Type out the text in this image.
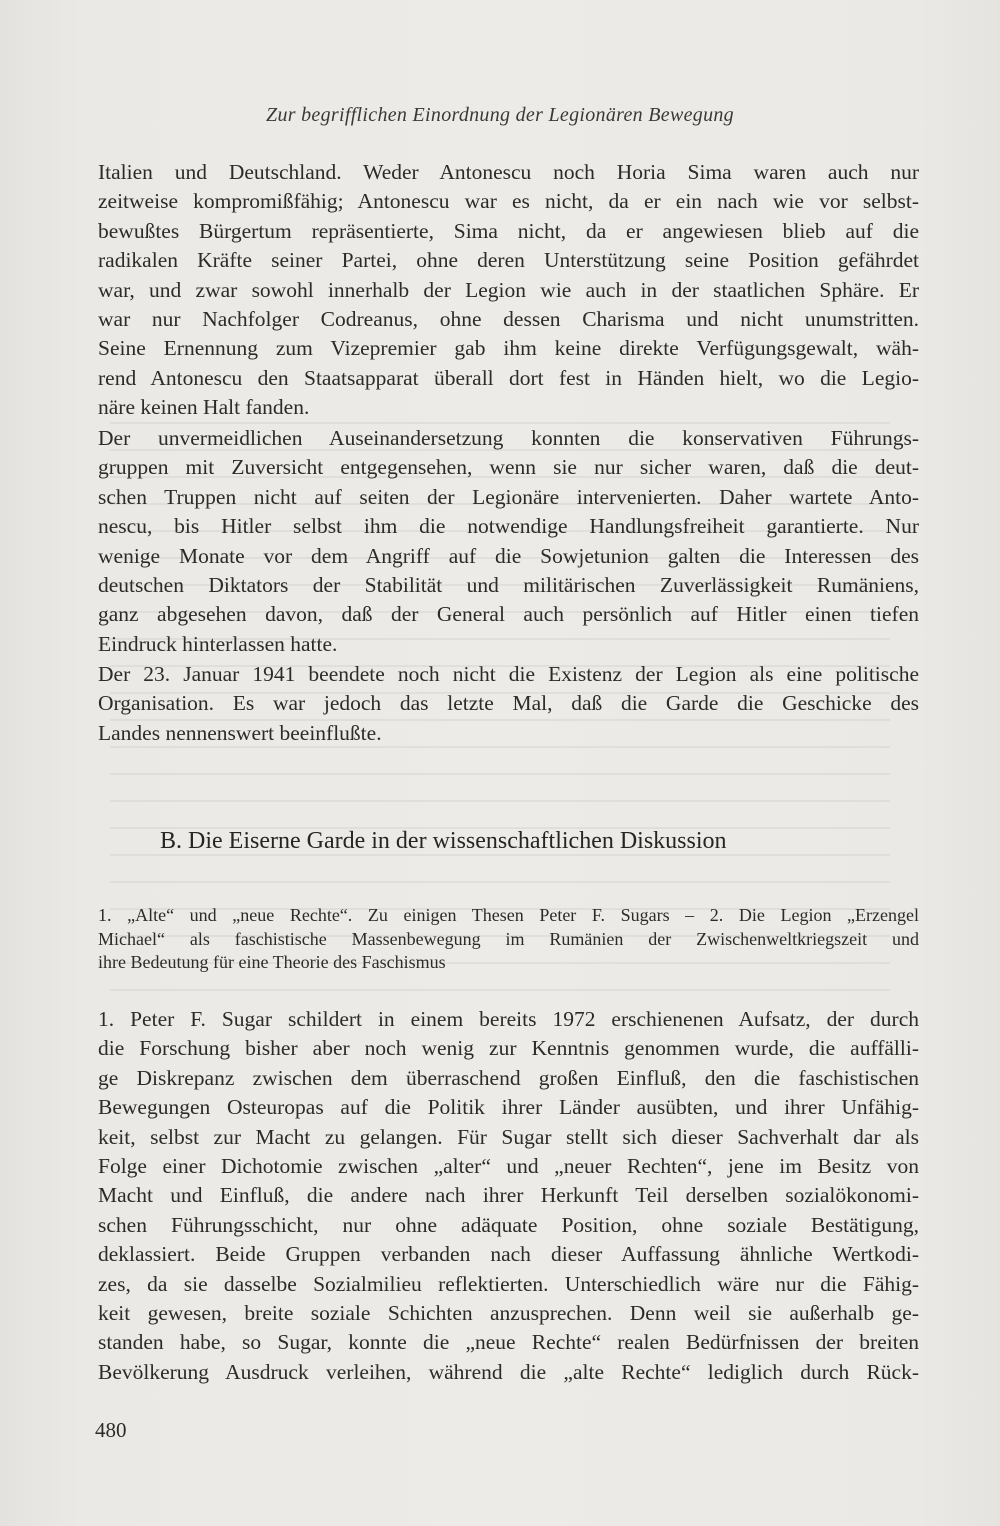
Zur begrifflichen Einordnung der Legionären Bewegung
Italien und Deutschland. Weder Antonescu noch Horia Sima waren auch nur
zeitweise kompromißfähig; Antonescu war es nicht, da er ein nach wie vor selbst-
bewußtes Bürgertum repräsentierte, Sima nicht, da er angewiesen blieb auf die
radikalen Kräfte seiner Partei, ohne deren Unterstützung seine Position gefährdet
war, und zwar sowohl innerhalb der Legion wie auch in der staatlichen Sphäre. Er
war nur Nachfolger Codreanus, ohne dessen Charisma und nicht unumstritten.
Seine Ernennung zum Vizepremier gab ihm keine direkte Verfügungsgewalt, wäh-
rend Antonescu den Staatsapparat überall dort fest in Händen hielt, wo die Legio-
näre keinen Halt fanden.
Der unvermeidlichen Auseinandersetzung konnten die konservativen Führungs-
gruppen mit Zuversicht entgegensehen, wenn sie nur sicher waren, daß die deut-
schen Truppen nicht auf seiten der Legionäre intervenierten. Daher wartete Anto-
nescu, bis Hitler selbst ihm die notwendige Handlungsfreiheit garantierte. Nur
wenige Monate vor dem Angriff auf die Sowjetunion galten die Interessen des
deutschen Diktators der Stabilität und militärischen Zuverlässigkeit Rumäniens,
ganz abgesehen davon, daß der General auch persönlich auf Hitler einen tiefen
Eindruck hinterlassen hatte.
Der 23. Januar 1941 beendete noch nicht die Existenz der Legion als eine politische
Organisation. Es war jedoch das letzte Mal, daß die Garde die Geschicke des
Landes nennenswert beeinflußte.
B. Die Eiserne Garde in der wissenschaftlichen Diskussion
1. „Alte“ und „neue Rechte“. Zu einigen Thesen Peter F. Sugars – 2. Die Legion „Erzengel
Michael“ als faschistische Massenbewegung im Rumänien der Zwischenweltkriegszeit und
ihre Bedeutung für eine Theorie des Faschismus
1. Peter F. Sugar schildert in einem bereits 1972 erschienenen Aufsatz, der durch
die Forschung bisher aber noch wenig zur Kenntnis genommen wurde, die auffälli-
ge Diskrepanz zwischen dem überraschend großen Einfluß, den die faschistischen
Bewegungen Osteuropas auf die Politik ihrer Länder ausübten, und ihrer Unfähig-
keit, selbst zur Macht zu gelangen. Für Sugar stellt sich dieser Sachverhalt dar als
Folge einer Dichotomie zwischen „alter“ und „neuer Rechten“, jene im Besitz von
Macht und Einfluß, die andere nach ihrer Herkunft Teil derselben sozialökonomi-
schen Führungsschicht, nur ohne adäquate Position, ohne soziale Bestätigung,
deklassiert. Beide Gruppen verbanden nach dieser Auffassung ähnliche Wertkodi-
zes, da sie dasselbe Sozialmilieu reflektierten. Unterschiedlich wäre nur die Fähig-
keit gewesen, breite soziale Schichten anzusprechen. Denn weil sie außerhalb ge-
standen habe, so Sugar, konnte die „neue Rechte“ realen Bedürfnissen der breiten
Bevölkerung Ausdruck verleihen, während die „alte Rechte“ lediglich durch Rück-
480
